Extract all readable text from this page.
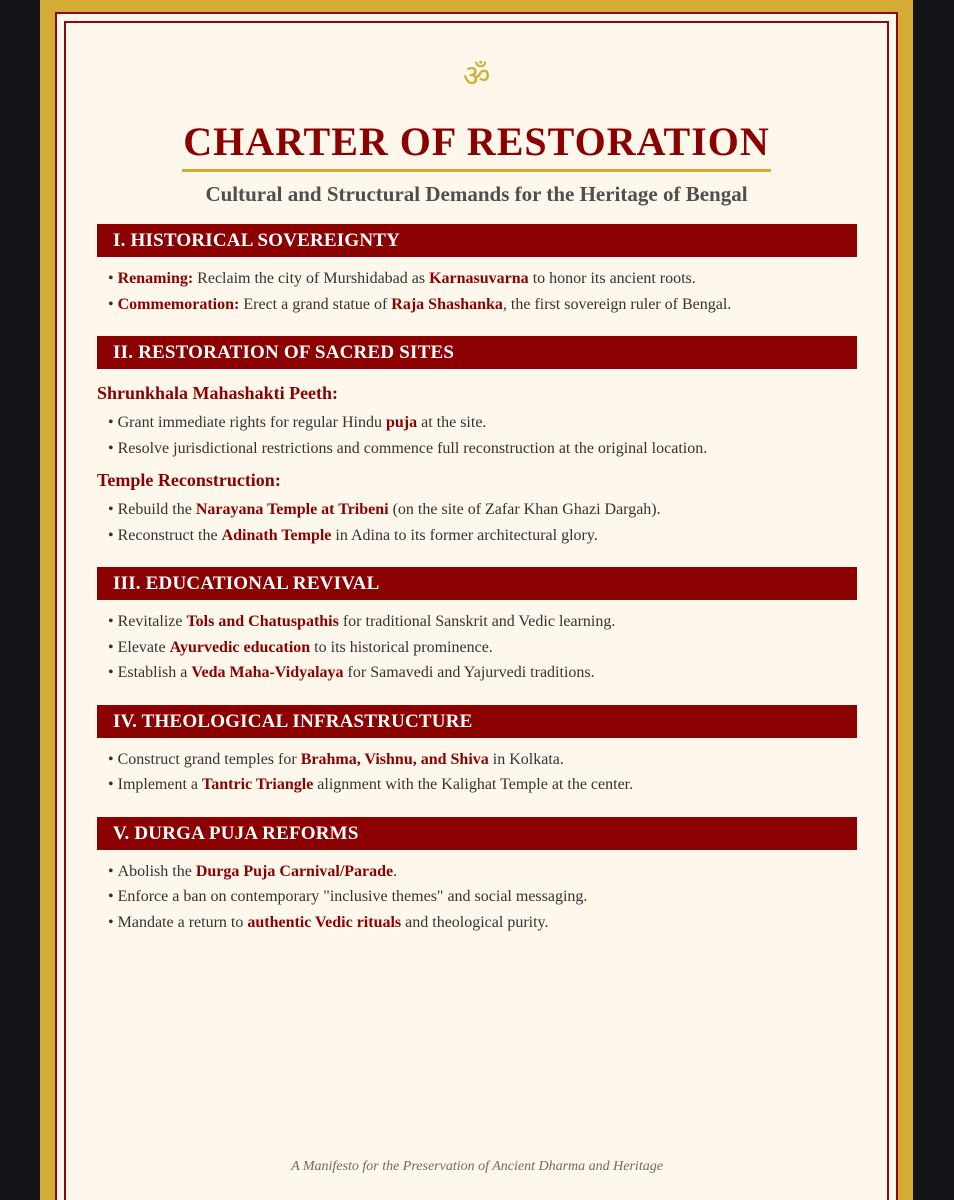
ॐ
CHARTER OF RESTORATION
Cultural and Structural Demands for the Heritage of Bengal
I. HISTORICAL SOVEREIGNTY
• Renaming: Reclaim the city of Murshidabad as Karnasuvarna to honor its ancient roots.
• Commemoration: Erect a grand statue of Raja Shashanka, the first sovereign ruler of Bengal.
II. RESTORATION OF SACRED SITES
Shrunkhala Mahashakti Peeth:
• Grant immediate rights for regular Hindu puja at the site.
• Resolve jurisdictional restrictions and commence full reconstruction at the original location.
Temple Reconstruction:
• Rebuild the Narayana Temple at Tribeni (on the site of Zafar Khan Ghazi Dargah).
• Reconstruct the Adinath Temple in Adina to its former architectural glory.
III. EDUCATIONAL REVIVAL
• Revitalize Tols and Chatuspathis for traditional Sanskrit and Vedic learning.
• Elevate Ayurvedic education to its historical prominence.
• Establish a Veda Maha-Vidyalaya for Samavedi and Yajurvedi traditions.
IV. THEOLOGICAL INFRASTRUCTURE
• Construct grand temples for Brahma, Vishnu, and Shiva in Kolkata.
• Implement a Tantric Triangle alignment with the Kalighat Temple at the center.
V. DURGA PUJA REFORMS
• Abolish the Durga Puja Carnival/Parade.
• Enforce a ban on contemporary "inclusive themes" and social messaging.
• Mandate a return to authentic Vedic rituals and theological purity.
A Manifesto for the Preservation of Ancient Dharma and Heritage
